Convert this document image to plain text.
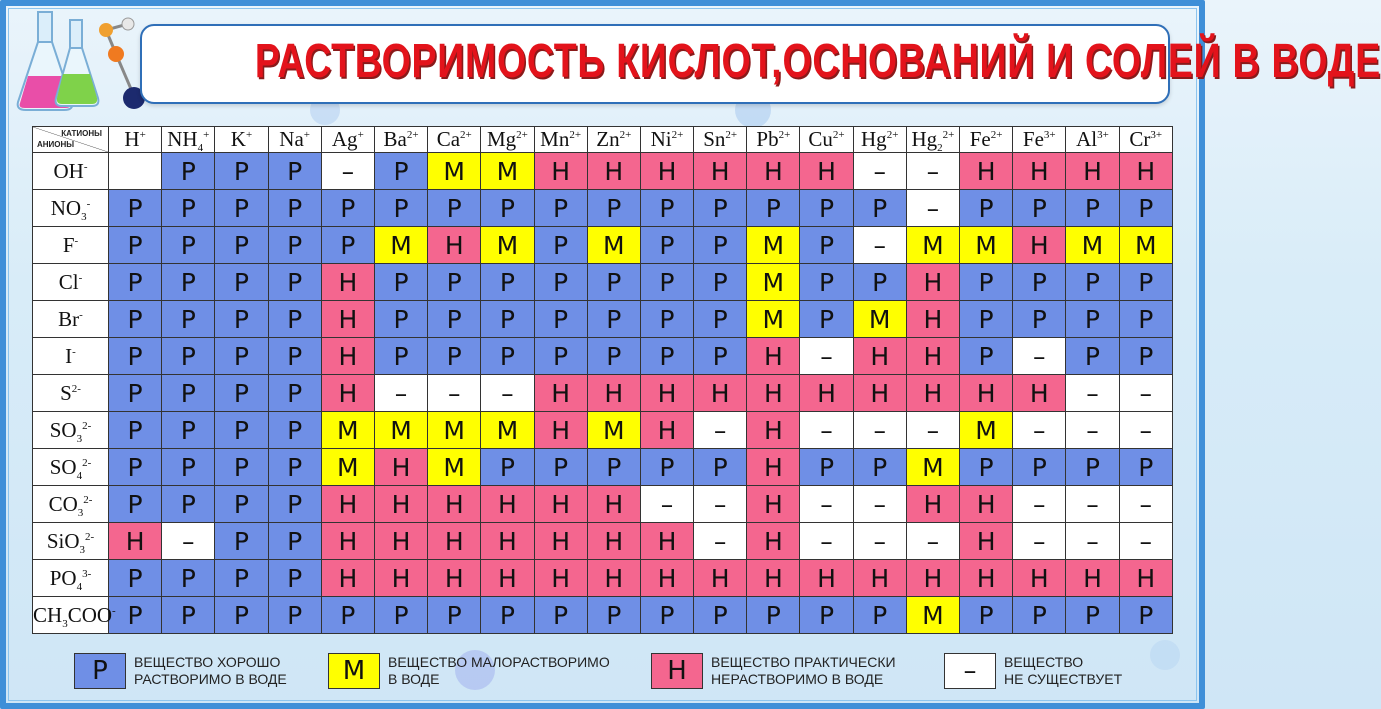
РАСТВОРИМОСТЬ КИСЛОТ,ОСНОВАНИЙ И СОЛЕЙ В ВОДЕ
КАТИОНЫ
АНИОНЫ	H+	$NH_4^+$	K+	Na+	Ag+	$Ba^{2+}$	$Ca^{2+}$	$Mg^{2+}$	$Mn^{2+}$	$Zn^{2+}$	$Ni^{2+}$	$Sn^{2+}$	$Pb^{2+}$	$Cu^{2+}$	$Hg^{2+}$	$Hg_2^{2+}$	$Fe^{2+}$	$Fe^{3+}$	$Al^{3+}$	$Cr^{3+}$
OH-		Р	Р	Р	–	Р	М	М	Н	Н	Н	Н	Н	Н	–	–	Н	Н	Н	Н
$NO_3^-$	Р	Р	Р	Р	Р	Р	Р	Р	Р	Р	Р	Р	Р	Р	Р	–	Р	Р	Р	Р
F-	Р	Р	Р	Р	Р	М	Н	М	Р	М	Р	Р	М	Р	–	М	М	Н	М	М
Cl-	Р	Р	Р	Р	Н	Р	Р	Р	Р	Р	Р	Р	М	Р	Р	Н	Р	Р	Р	Р
Br-	Р	Р	Р	Р	Н	Р	Р	Р	Р	Р	Р	Р	М	Р	М	Н	Р	Р	Р	Р
I-	Р	Р	Р	Р	Н	Р	Р	Р	Р	Р	Р	Р	Н	–	Н	Н	Р	–	Р	Р
$S^{2-}$	Р	Р	Р	Р	Н	–	–	–	Н	Н	Н	Н	Н	Н	Н	Н	Н	Н	–	–
$SO_3^{2-}$	Р	Р	Р	Р	М	М	М	М	Н	М	Н	–	Н	–	–	–	М	–	–	–
$SO_4^{2-}$	Р	Р	Р	Р	М	Н	М	Р	Р	Р	Р	Р	Н	Р	Р	М	Р	Р	Р	Р
$CO_3^{2-}$	Р	Р	Р	Р	Н	Н	Н	Н	Н	Н	–	–	Н	–	–	Н	Н	–	–	–
SiO$_3^{2-}$	Н	–	Р	Р	Н	Н	Н	Н	Н	Н	Н	–	Н	–	–	–	Н	–	–	–
$PO_4^{3-}$	Р	Р	Р	Р	Н	Н	Н	Н	Н	Н	Н	Н	Н	Н	Н	Н	Н	Н	Н	Н
$CH_3COO^-$	Р	Р	Р	Р	Р	Р	Р	Р	Р	Р	Р	Р	Р	Р	Р	М	Р	Р	Р	Р
Р	ВЕЩЕСТВО ХОРОШО
РАСТВОРИМО В ВОДЕ	М	ВЕЩЕСТВО МАЛОРАСТВОРИМО
В ВОДЕ	Н	ВЕЩЕСТВО ПРАКТИЧЕСКИ
НЕРАСТВОРИМО В ВОДЕ	–	ВЕЩЕСТВО
НЕ СУЩЕСТВУЕТ
